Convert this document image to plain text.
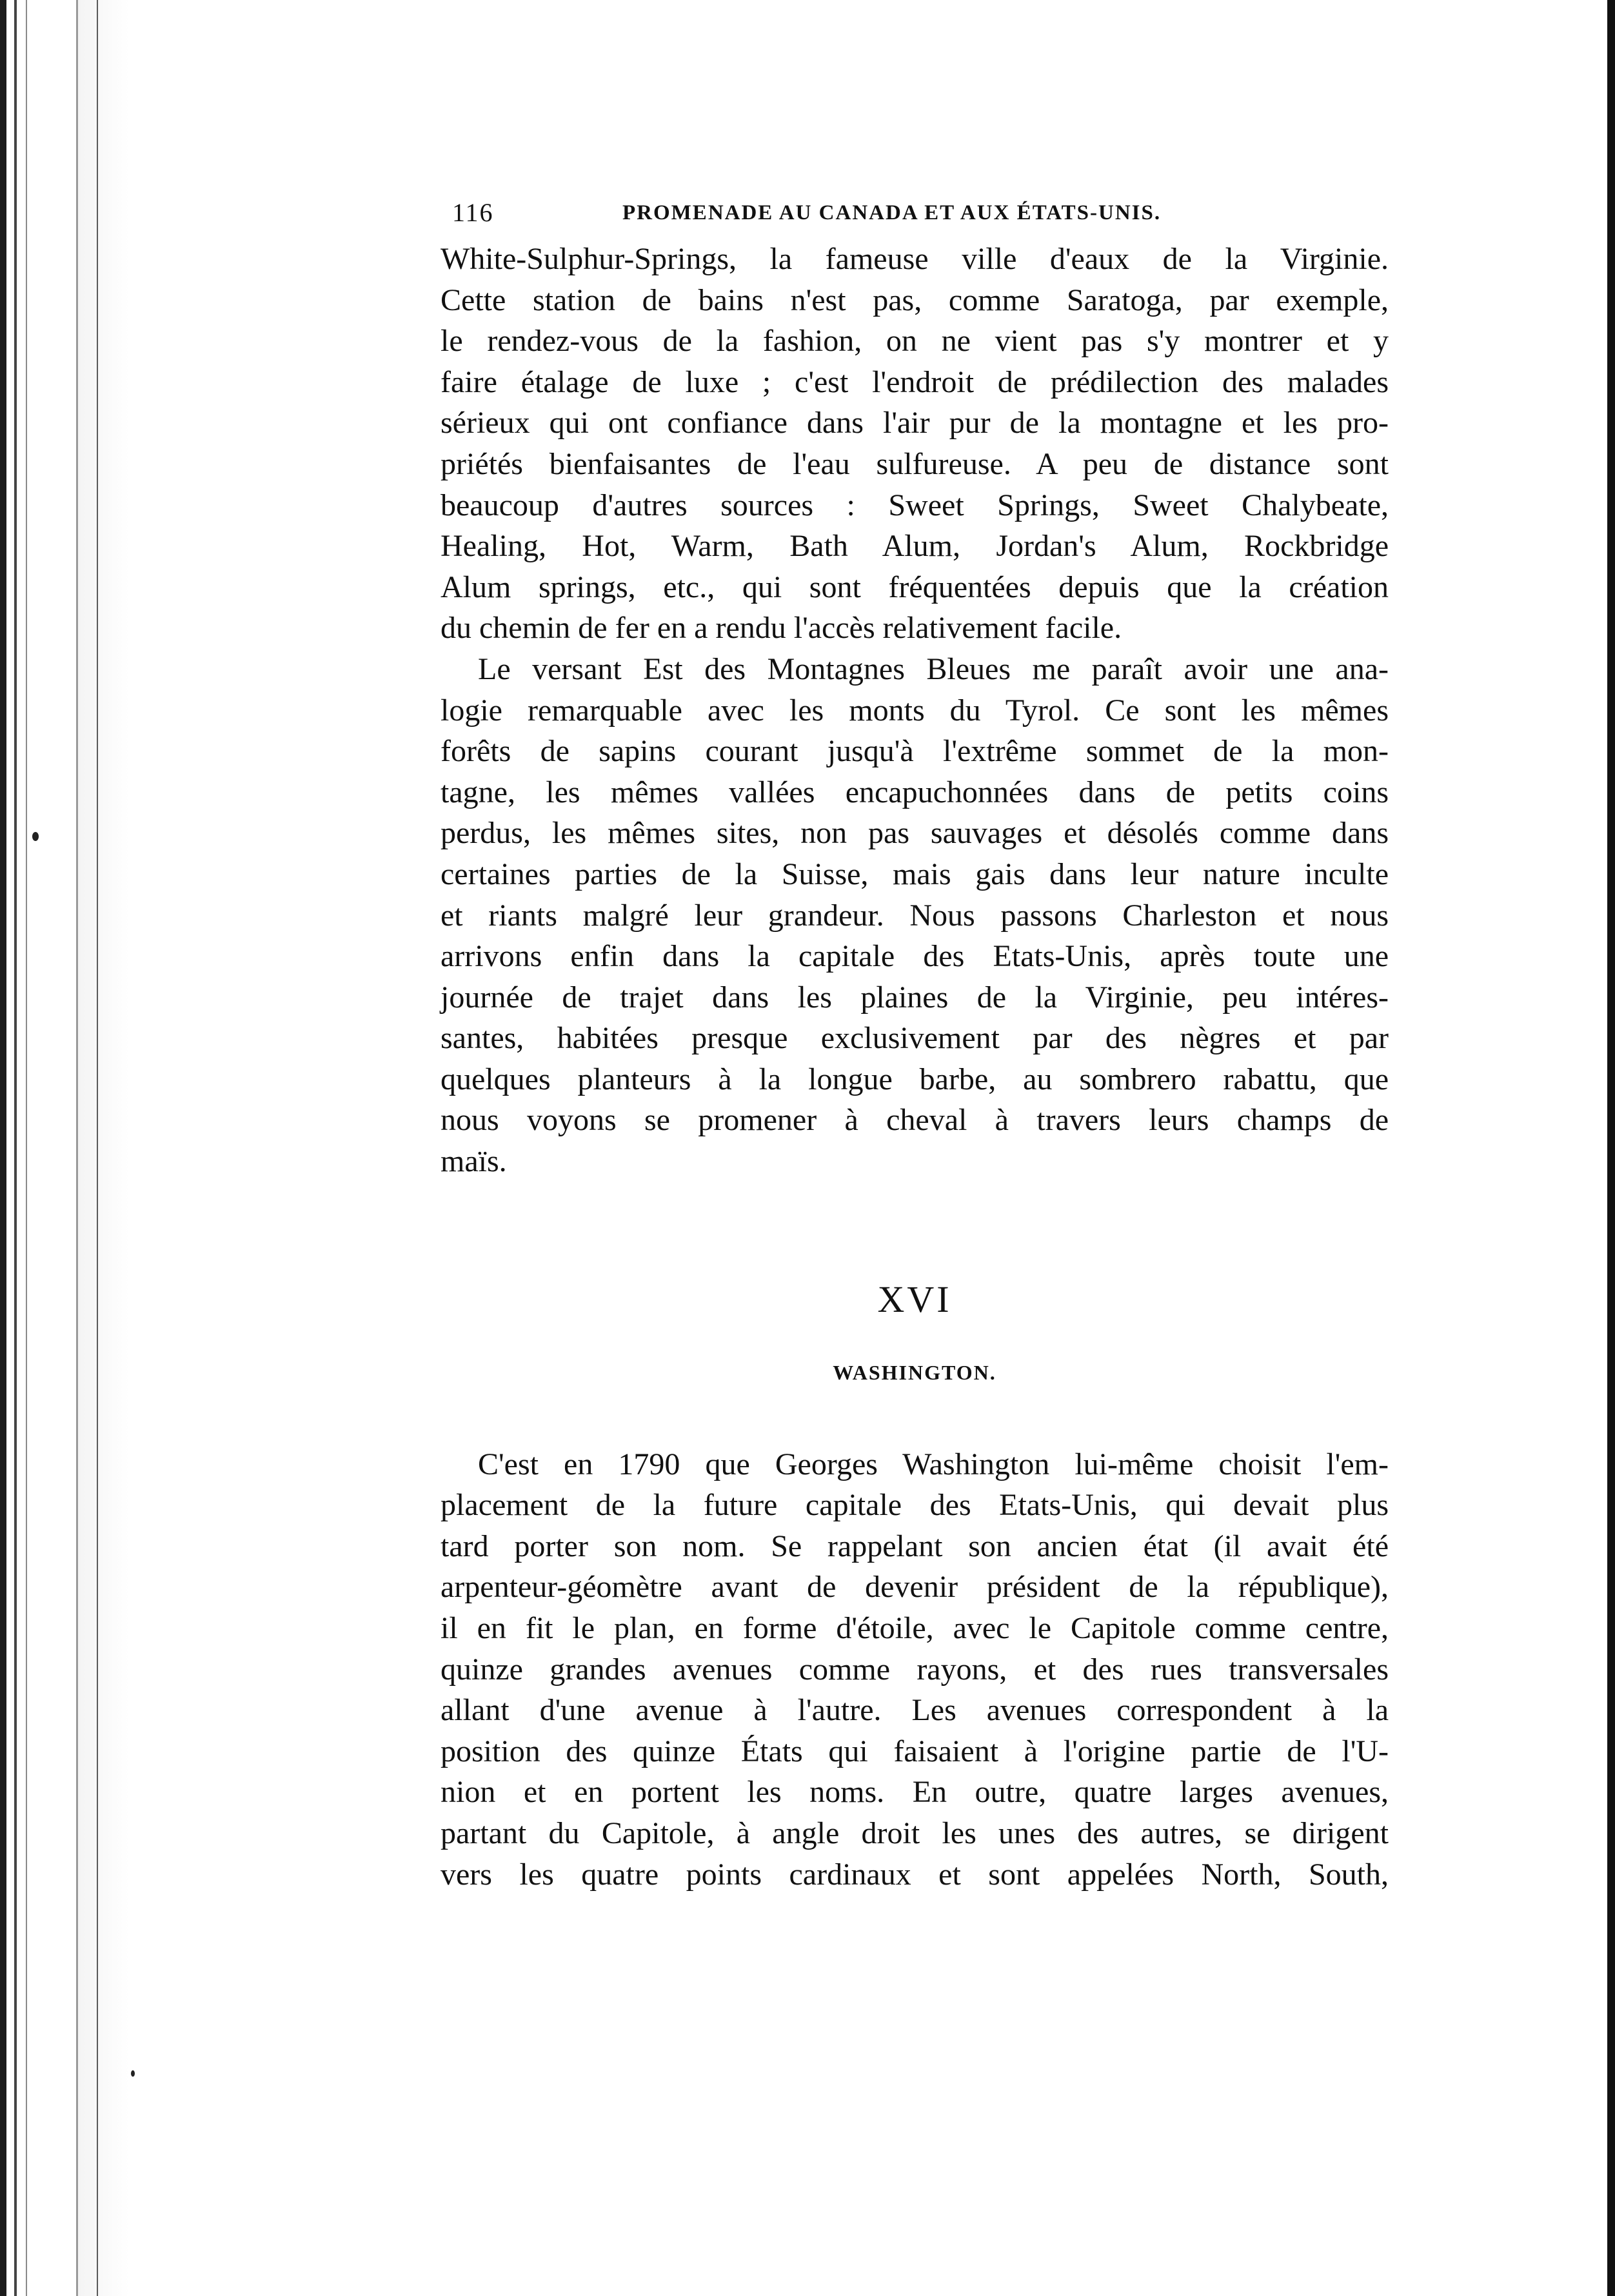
116	PROMENADE AU CANADA ET AUX ÉTATS-UNIS.
White-Sulphur-Springs, la fameuse ville d'eaux de la Virginie.
Cette station de bains n'est pas, comme Saratoga, par exemple,
le rendez-vous de la fashion, on ne vient pas s'y montrer et y
faire étalage de luxe ; c'est l'endroit de prédilection des malades
sérieux qui ont confiance dans l'air pur de la montagne et les pro-
priétés bienfaisantes de l'eau sulfureuse. A peu de distance sont
beaucoup d'autres sources : Sweet Springs, Sweet Chalybeate,
Healing, Hot, Warm, Bath Alum, Jordan's Alum, Rockbridge
Alum springs, etc., qui sont fréquentées depuis que la création
du chemin de fer en a rendu l'accès relativement facile.
Le versant Est des Montagnes Bleues me paraît avoir une ana-
logie remarquable avec les monts du Tyrol. Ce sont les mêmes
forêts de sapins courant jusqu'à l'extrême sommet de la mon-
tagne, les mêmes vallées encapuchonnées dans de petits coins
perdus, les mêmes sites, non pas sauvages et désolés comme dans
certaines parties de la Suisse, mais gais dans leur nature inculte
et riants malgré leur grandeur. Nous passons Charleston et nous
arrivons enfin dans la capitale des Etats-Unis, après toute une
journée de trajet dans les plaines de la Virginie, peu intéres-
santes, habitées presque exclusivement par des nègres et par
quelques planteurs à la longue barbe, au sombrero rabattu, que
nous voyons se promener à cheval à travers leurs champs de
maïs.
XVI
WASHINGTON.
C'est en 1790 que Georges Washington lui-même choisit l'em-
placement de la future capitale des Etats-Unis, qui devait plus
tard porter son nom. Se rappelant son ancien état (il avait été
arpenteur-géomètre avant de devenir président de la république),
il en fit le plan, en forme d'étoile, avec le Capitole comme centre,
quinze grandes avenues comme rayons, et des rues transversales
allant d'une avenue à l'autre. Les avenues correspondent à la
position des quinze États qui faisaient à l'origine partie de l'U-
nion et en portent les noms. En outre, quatre larges avenues,
partant du Capitole, à angle droit les unes des autres, se dirigent
vers les quatre points cardinaux et sont appelées North, South,
